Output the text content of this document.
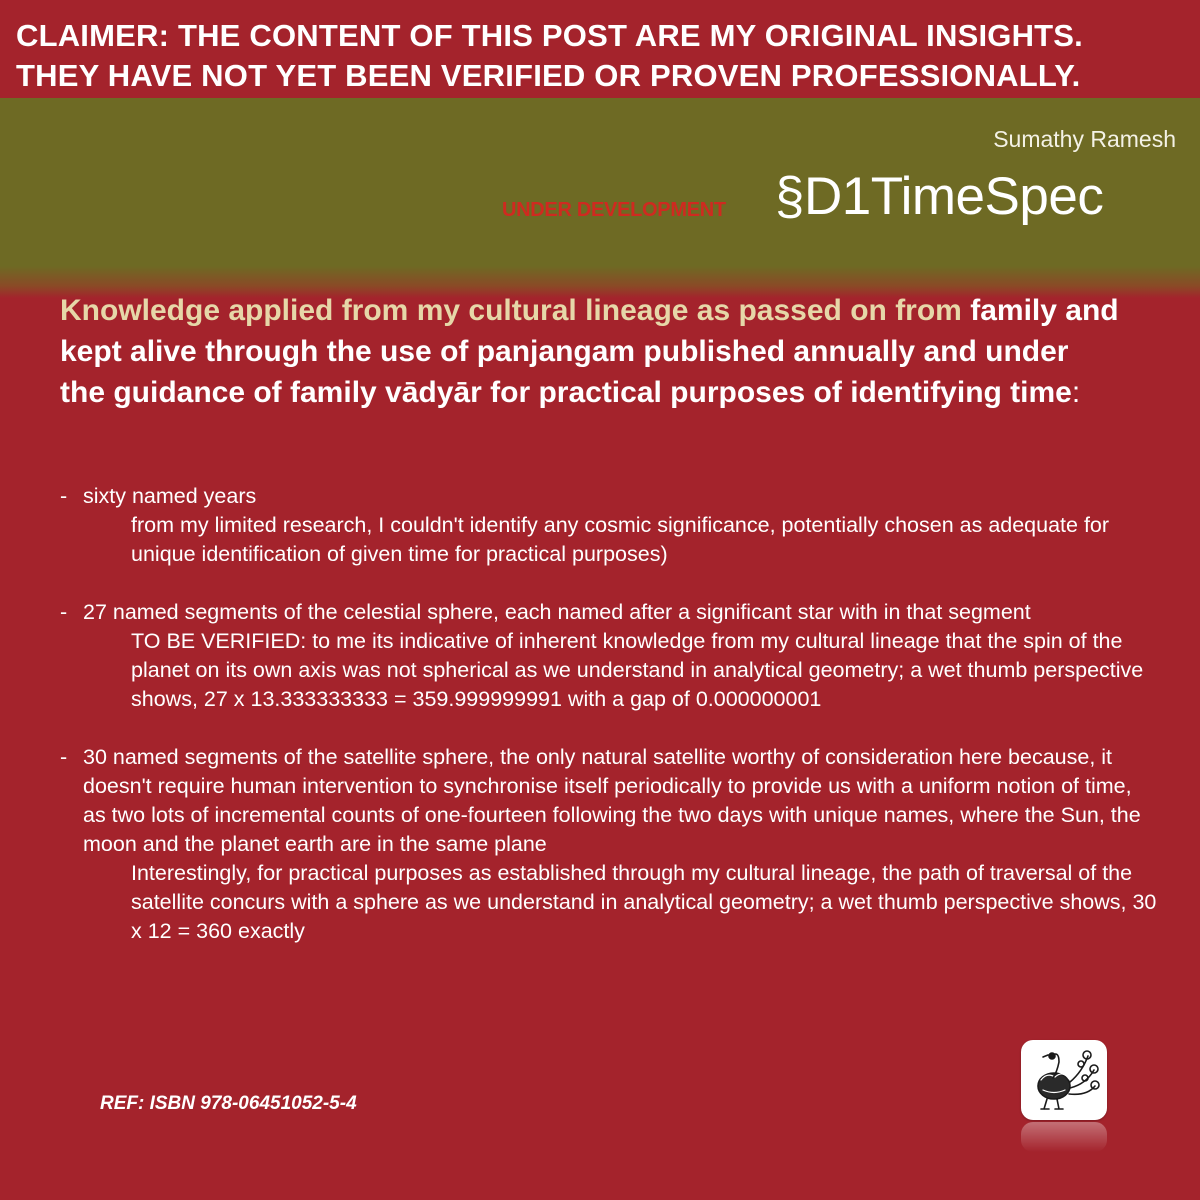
CLAIMER: THE CONTENT OF THIS POST ARE MY ORIGINAL INSIGHTS.
THEY HAVE NOT YET BEEN VERIFIED OR PROVEN PROFESSIONALLY.
Sumathy Ramesh
UNDER DEVELOPMENT §D1TimeSpec
Knowledge applied from my cultural lineage as passed on from family and kept alive through the use of panjangam published annually and under the guidance of family vādyār for practical purposes of identifying time:
- sixty named years
from my limited research, I couldn't identify any cosmic significance, potentially chosen as adequate for unique identification of given time for practical purposes)
- 27 named segments of the celestial sphere, each named after a significant star with in that segment
TO BE VERIFIED: to me its indicative of inherent knowledge from my cultural lineage that the spin of the planet on its own axis was not spherical as we understand in analytical geometry; a wet thumb perspective shows, 27 x 13.333333333 = 359.999999991 with a gap of 0.000000001
- 30 named segments of the satellite sphere, the only natural satellite worthy of consideration here because, it doesn't require human intervention to synchronise itself periodically to provide us with a uniform notion of time, as two lots of incremental counts of one-fourteen following the two days with unique names, where the Sun, the moon and the planet earth are in the same plane
Interestingly, for practical purposes as established through my cultural lineage, the path of traversal of the satellite concurs with a sphere as we understand in analytical geometry; a wet thumb perspective shows, 30 x 12 = 360 exactly
REF: ISBN 978-06451052-5-4
